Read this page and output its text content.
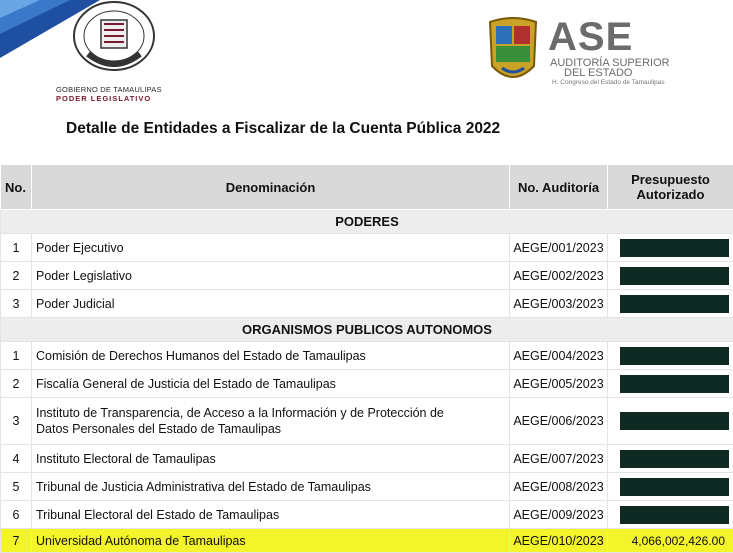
GOBIERNO DE TAMAULIPAS
PODER LEGISLATIVO
ASE
AUDITORÍA SUPERIOR
DEL ESTADO
H. Congreso del Estado de Tamaulipas
Detalle de Entidades a Fiscalizar de la Cuenta Pública 2022
No.	Denominación	No. Auditoría	Presupuesto
Autorizado
PODERES			
1	Poder Ejecutivo	AEGE/001/2023	

2	Poder Legislativo	AEGE/002/2023	

3	Poder Judicial	AEGE/003/2023	

ORGANISMOS PUBLICOS AUTONOMOS			
1	Comisión de Derechos Humanos del Estado de Tamaulipas	AEGE/004/2023	

2	Fiscalía General de Justicia del Estado de Tamaulipas	AEGE/005/2023	

3	Instituto de Transparencia, de Acceso a la Información y de Protección de
Datos Personales del Estado de Tamaulipas	AEGE/006/2023	

4	Instituto Electoral de Tamaulipas	AEGE/007/2023	

5	Tribunal de Justicia Administrativa del Estado de Tamaulipas	AEGE/008/2023	

6	Tribunal Electoral del Estado de Tamaulipas	AEGE/009/2023	

7	Universidad Autónoma de Tamaulipas	AEGE/010/2023	4,066,002,426.00
